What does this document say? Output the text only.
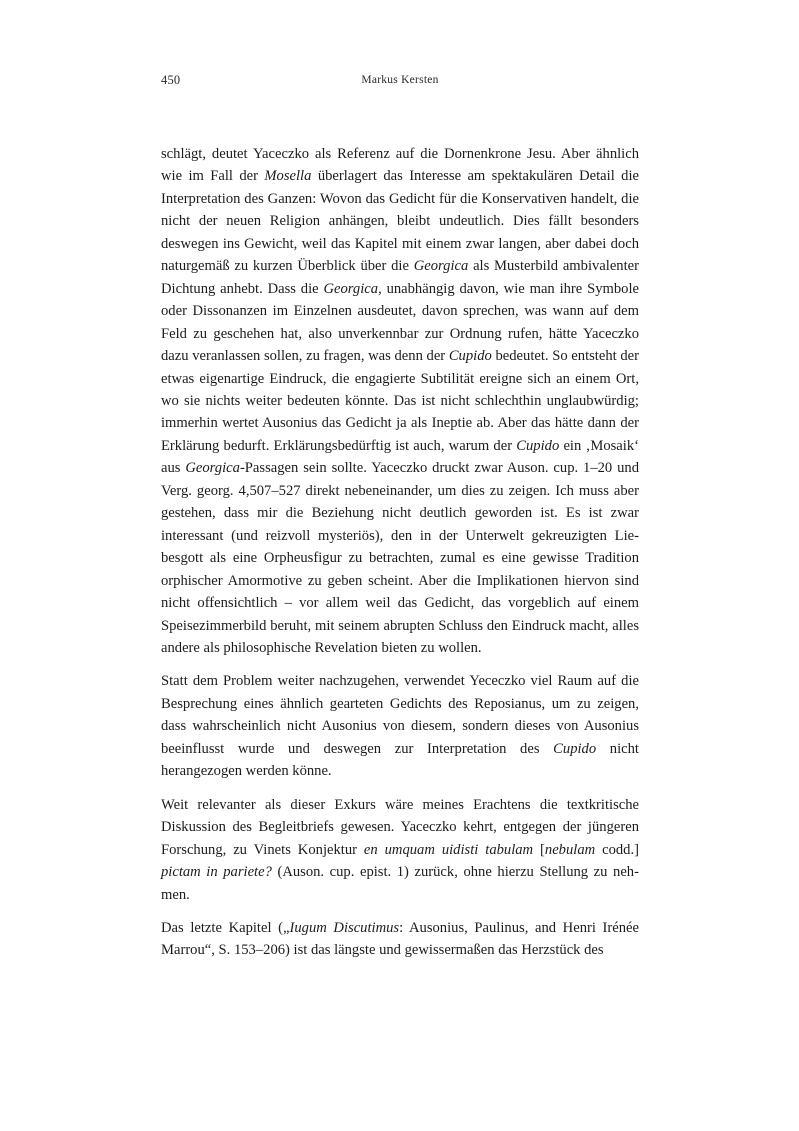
450	Markus Kersten

schlägt, deutet Yaceczko als Referenz auf die Dornenkrone Jesu. Aber ähnlich wie im Fall der Mosella überlagert das Interesse am spektakulären Detail die Interpretation des Ganzen: Wovon das Gedicht für die Konservativen handelt, die nicht der neuen Religion anhängen, bleibt undeutlich. Dies fällt besonders deswegen ins Gewicht, weil das Kapitel mit einem zwar langen, aber dabei doch naturgemäß zu kurzen Überblick über die Georgica als Musterbild ambivalenter Dichtung anhebt. Dass die Georgica, unabhängig davon, wie man ihre Symbole oder Dissonanzen im Einzelnen ausdeutet, davon sprechen, was wann auf dem Feld zu geschehen hat, also unverkennbar zur Ordnung rufen, hätte Yaceczko dazu veranlassen sollen, zu fragen, was denn der Cupido bedeutet. So entsteht der etwas eigenartige Eindruck, die engagierte Subtilität ereigne sich an einem Ort, wo sie nichts weiter bedeuten könnte. Das ist nicht schlechthin unglaubwürdig; immerhin wertet Ausonius das Gedicht ja als Ineptie ab. Aber das hätte dann der Erklärung bedurft. Erklärungsbedürftig ist auch, warum der Cupido ein ‚Mosaik‘ aus Georgica-Passagen sein sollte. Yaceczko druckt zwar Auson. cup. 1–20 und Verg. georg. 4,507–527 direkt nebeneinander, um dies zu zeigen. Ich muss aber gestehen, dass mir die Beziehung nicht deutlich geworden ist. Es ist zwar interessant (und reizvoll mysteriös), den in der Unterwelt gekreuzigten Liebesgott als eine Orpheusfigur zu betrachten, zumal es eine gewisse Tradition orphischer Amormotive zu geben scheint. Aber die Implikationen hiervon sind nicht offensichtlich – vor allem weil das Gedicht, das vorgeblich auf einem Speisezimmerbild beruht, mit seinem abrupten Schluss den Eindruck macht, alles andere als philosophische Revelation bieten zu wollen.

Statt dem Problem weiter nachzugehen, verwendet Yececzko viel Raum auf die Besprechung eines ähnlich gearteten Gedichts des Reposianus, um zu zeigen, dass wahrscheinlich nicht Ausonius von diesem, sondern dieses von Ausonius beeinflusst wurde und deswegen zur Interpretation des Cupido nicht herangezogen werden könne.

Weit relevanter als dieser Exkurs wäre meines Erachtens die textkritische Diskussion des Begleitbriefs gewesen. Yaceczko kehrt, entgegen der jüngeren Forschung, zu Vinets Konjektur en umquam uidisti tabulam [nebulam codd.] pictam in pariete? (Auson. cup. epist. 1) zurück, ohne hierzu Stellung zu nehmen.

Das letzte Kapitel („Iugum Discutimus: Ausonius, Paulinus, and Henri Irénée Marrou“, S. 153–206) ist das längste und gewissermaßen das Herzstück des
